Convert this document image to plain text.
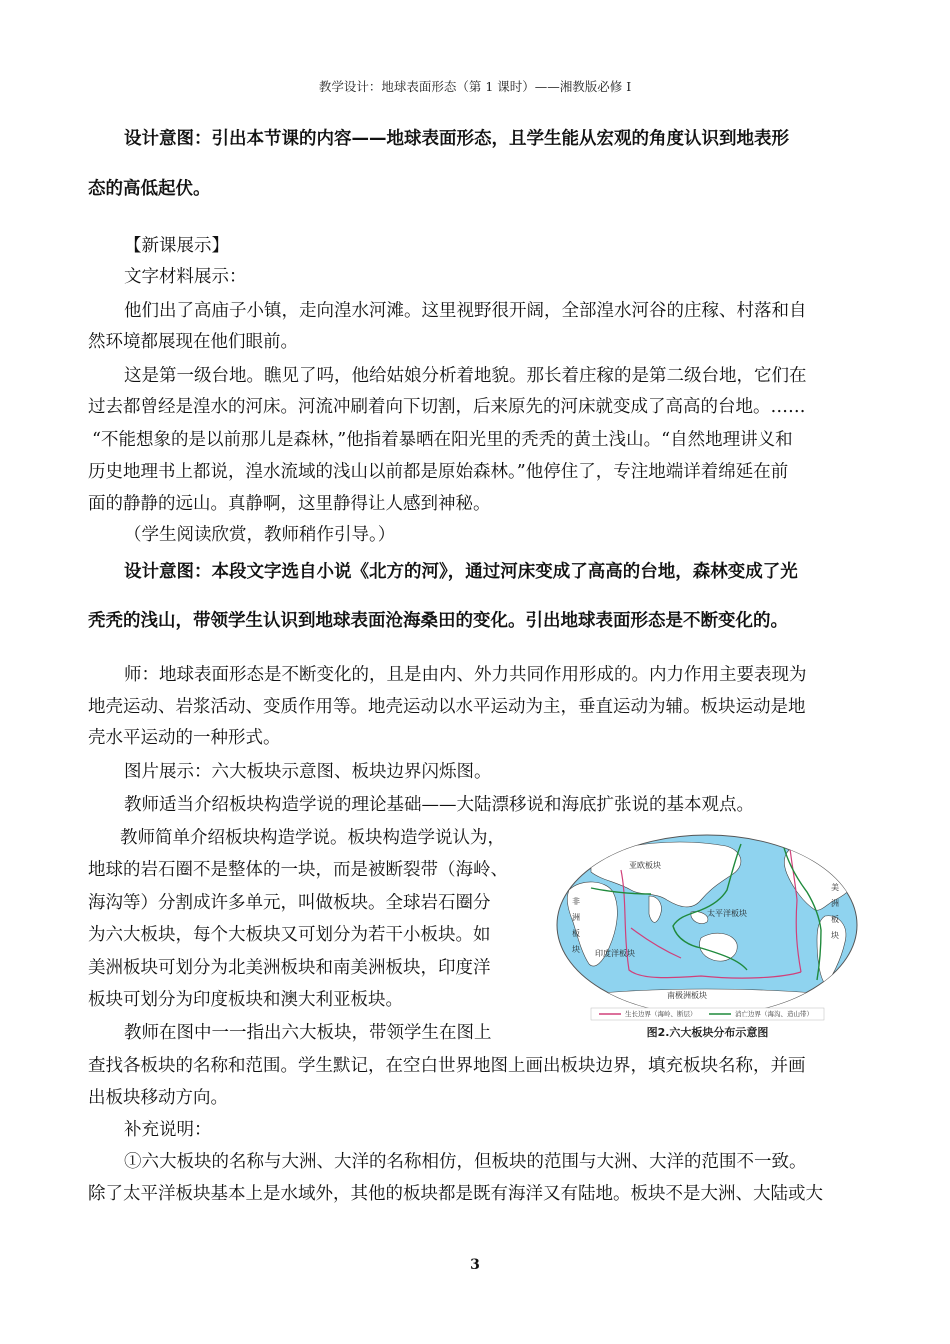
教学设计：地球表面形态（第 1 课时）——湘教版必修 I
设计意图：引出本节课的内容——地球表面形态，且学生能从宏观的角度认识到地表形
态的高低起伏。
【新课展示】
文字材料展示：
他们出了高庙子小镇，走向湟水河滩。这里视野很开阔，全部湟水河谷的庄稼、村落和自
然环境都展现在他们眼前。
这是第一级台地。瞧见了吗，他给姑娘分析着地貌。那长着庄稼的是第二级台地，它们在
过去都曾经是湟水的河床。河流冲刷着向下切割，后来原先的河床就变成了高高的台地。……
“不能想象的是以前那儿是森林，”他指着暴晒在阳光里的秃秃的黄土浅山。“自然地理讲义和
历史地理书上都说，湟水流域的浅山以前都是原始森林。”他停住了，专注地端详着绵延在前
面的静静的远山。真静啊，这里静得让人感到神秘。
（学生阅读欣赏，教师稍作引导。）
设计意图：本段文字选自小说《北方的河》，通过河床变成了高高的台地，森林变成了光
秃秃的浅山，带领学生认识到地球表面沧海桑田的变化。引出地球表面形态是不断变化的。
师：地球表面形态是不断变化的，且是由内、外力共同作用形成的。内力作用主要表现为
地壳运动、岩浆活动、变质作用等。地壳运动以水平运动为主，垂直运动为辅。板块运动是地
壳水平运动的一种形式。
图片展示：六大板块示意图、板块边界闪烁图。
教师适当介绍板块构造学说的理论基础——大陆漂移说和海底扩张说的基本观点。
教师简单介绍板块构造学说。板块构造学说认为，
地球的岩石圈不是整体的一块，而是被断裂带（海岭、
海沟等）分割成许多单元，叫做板块。全球岩石圈分
为六大板块，每个大板块又可划分为若干小板块。如
美洲板块可划分为北美洲板块和南美洲板块，印度洋
板块可划分为印度板块和澳大利亚板块。
教师在图中一一指出六大板块，带领学生在图上
查找各板块的名称和范围。学生默记，在空白世界地图上画出板块边界，填充板块名称，并画
出板块移动方向。
补充说明：
①六大板块的名称与大洲、大洋的名称相仿，但板块的范围与大洲、大洋的范围不一致。
除了太平洋板块基本上是水域外，其他的板块都是既有海洋又有陆地。板块不是大洲、大陆或大
亚欧板块
太平洋板块
印度洋板块
南极洲板块
非洲板块
美洲板块
生长边界（海岭、断层）	消亡边界（海沟、造山带）
图2.六大板块分布示意图
3
